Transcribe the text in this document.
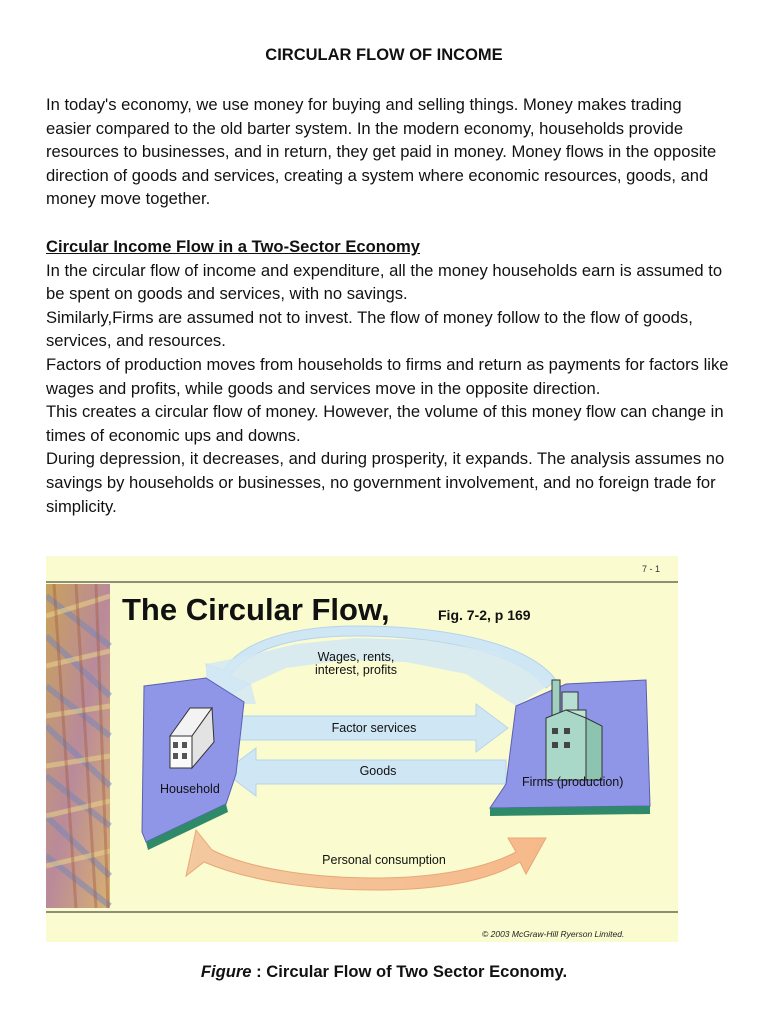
CIRCULAR FLOW OF INCOME

In today's economy, we use money for buying and selling things. Money makes trading easier compared to the old barter system. In the modern economy, households provide resources to businesses, and in return, they get paid in money. Money flows in the opposite direction of goods and services, creating a system where economic resources, goods, and money move together.

Circular Income Flow in a Two-Sector Economy

In the circular flow of income and expenditure, all the money households earn is assumed to be spent on goods and services, with no savings.

Similarly,Firms are assumed not to invest. The flow of money follow to the flow of goods, services, and resources.

Factors of production moves from households to firms and return as payments for factors like wages and profits, while goods and services move in the opposite direction.

This creates a circular flow of money. However, the volume of this money flow can change in times of economic ups and downs.

During depression, it decreases, and during prosperity, it expands. The analysis assumes no savings by households or businesses, no government involvement, and no foreign trade for simplicity.

7 - 1
The Circular Flow,	Fig. 7-2, p 169
Wages, rents,
interest, profits
Factor services
Goods
Household	Firms (production)
Personal consumption
© 2003 McGraw-Hill Ryerson Limited.
Figure : Circular Flow of Two Sector Economy.
